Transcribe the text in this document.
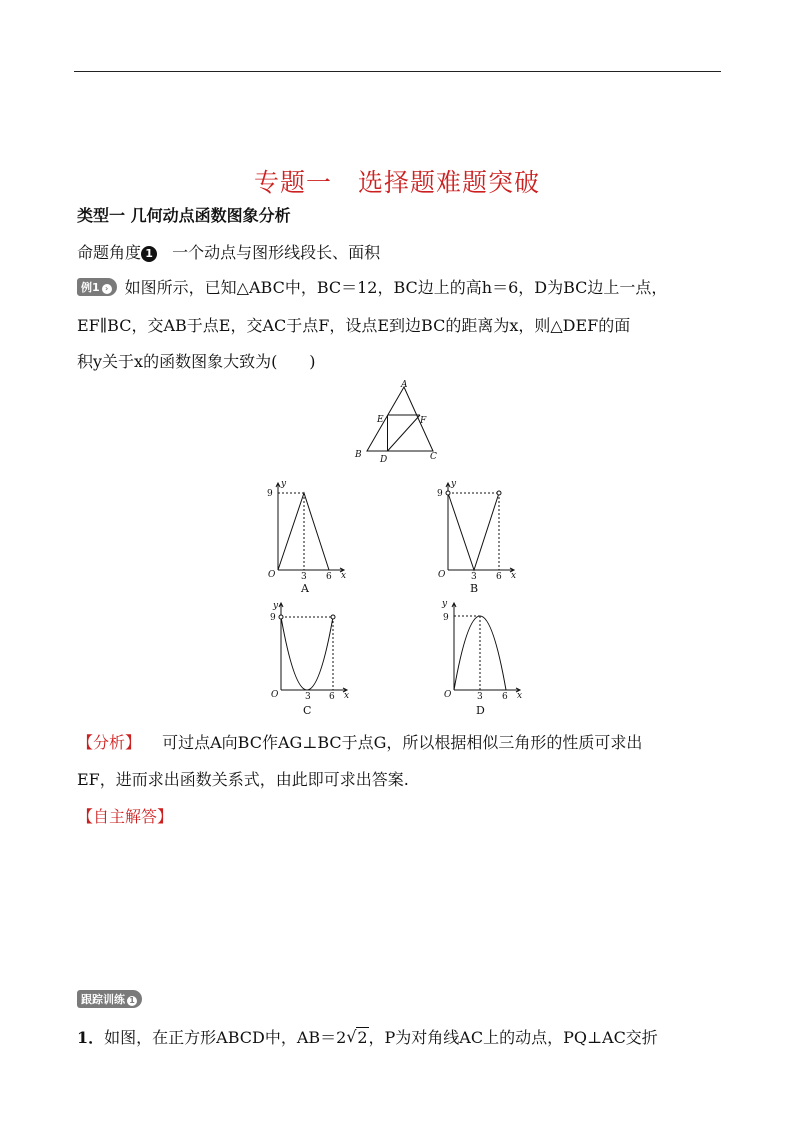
专题一　选择题难题突破
类型一 几何动点函数图象分析
命题角度 1 一个动点与图形线段长、面积
例1 › 如图所示，已知△ABC中，BC＝12，BC边上的高h＝6，D为BC边上一点，
EF∥BC，交AB于点E，交AC于点F，设点E到边BC的距离为x，则△DEF的面
积y关于x的函数图象大致为(　　)
A
B	C
D
E	F
y
9
O	3 6 x
A
y
9
O	3 6 x
B
y
9
O	3 6 x
C
y
9
O	3 6 x
D
【分析】 可过点A向BC作AG⊥BC于点G，所以根据相似三角形的性质可求出
EF，进而求出函数关系式，由此即可求出答案.
【自主解答】
跟踪训练 1
1．如图，在正方形ABCD中，AB＝2 √ 2，P为对角线AC上的动点，PQ⊥AC交折
